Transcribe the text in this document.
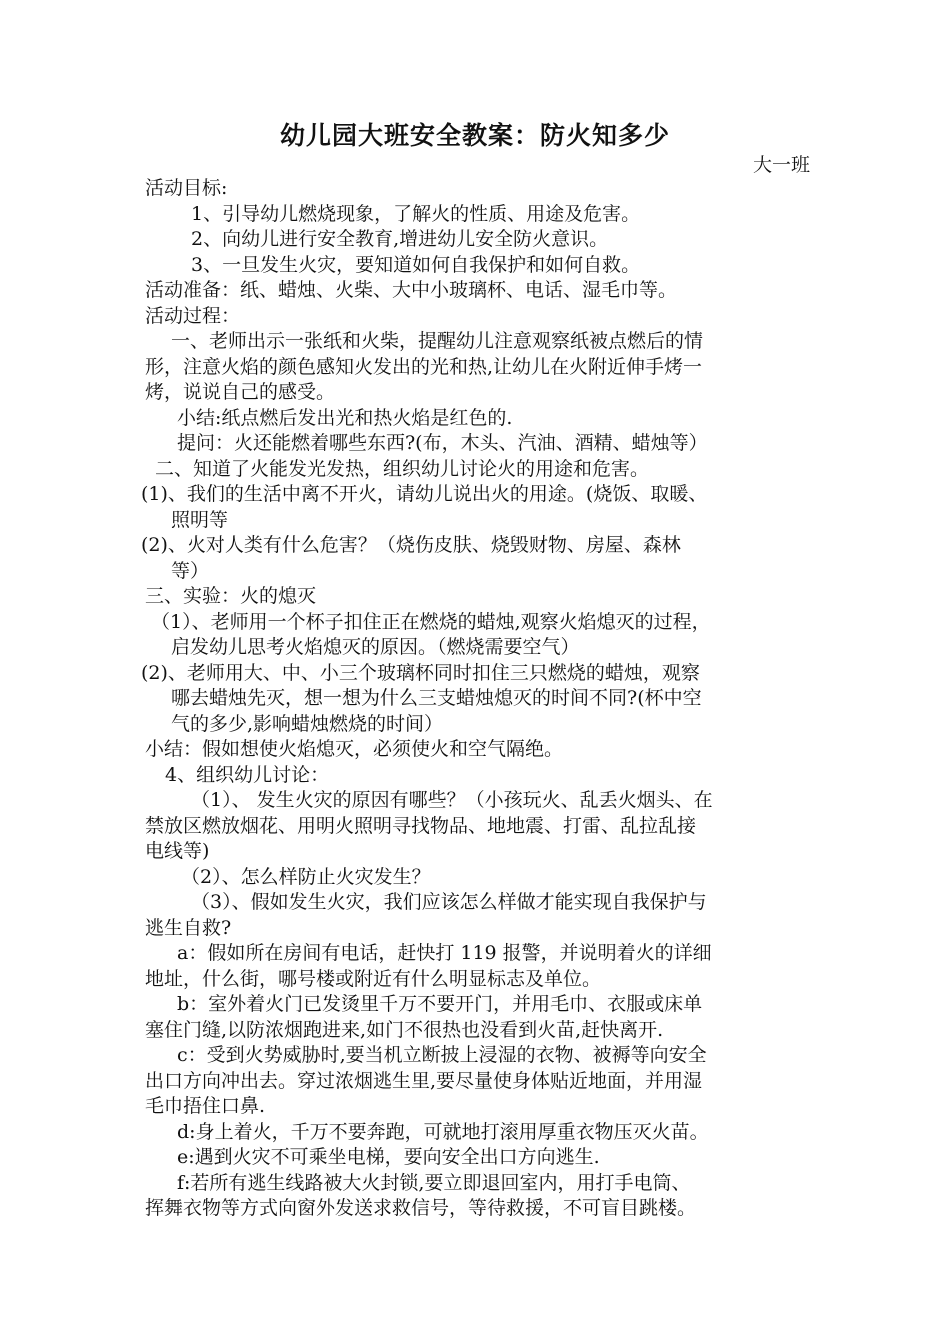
幼儿园大班安全教案：防火知多少
大一班

活动目标:

1、引导幼儿燃烧现象，了解火的性质、用途及危害。

2、向幼儿进行安全教育,增进幼儿安全防火意识。

3、一旦发生火灾，要知道如何自我保护和如何自救。

活动准备：纸、蜡烛、火柴、大中小玻璃杯、电话、湿毛巾等。

活动过程：

一、老师出示一张纸和火柴，提醒幼儿注意观察纸被点燃后的情

形，注意火焰的颜色感知火发出的光和热,让幼儿在火附近伸手烤一

烤，说说自己的感受。

小结:纸点燃后发出光和热火焰是红色的.

提问：火还能燃着哪些东西?(布，木头、汽油、酒精、蜡烛等）

二、知道了火能发光发热，组织幼儿讨论火的用途和危害。

(1)、我们的生活中离不开火，请幼儿说出火的用途。(烧饭、取暖、

照明等

(2)、火对人类有什么危害？（烧伤皮肤、烧毁财物、房屋、森林

等）

三、实验：火的熄灭

（1）、老师用一个杯子扣住正在燃烧的蜡烛,观察火焰熄灭的过程，

启发幼儿思考火焰熄灭的原因。（燃烧需要空气）

(2)、老师用大、中、小三个玻璃杯同时扣住三只燃烧的蜡烛，观察

哪去蜡烛先灭，想一想为什么三支蜡烛熄灭的时间不同?(杯中空

气的多少,影响蜡烛燃烧的时间）

小结：假如想使火焰熄灭，必须使火和空气隔绝。

4、组织幼儿讨论：

（1）、 发生火灾的原因有哪些？（小孩玩火、乱丢火烟头、在

禁放区燃放烟花、用明火照明寻找物品、地地震、打雷、乱拉乱接

电线等)

（2）、怎么样防止火灾发生？

（3）、假如发生火灾，我们应该怎么样做才能实现自我保护与

逃生自救?

a：假如所在房间有电话，赶快打 119 报警，并说明着火的详细

地址，什么街，哪号楼或附近有什么明显标志及单位。

b：室外着火门已发烫里千万不要开门，并用毛巾、衣服或床单

塞住门缝,以防浓烟跑进来,如门不很热也没看到火苗,赶快离开.

c：受到火势威胁时,要当机立断披上浸湿的衣物、被褥等向安全

出口方向冲出去。穿过浓烟逃生里,要尽量使身体贴近地面，并用湿

毛巾捂住口鼻.

d:身上着火，千万不要奔跑，可就地打滚用厚重衣物压灭火苗。

e:遇到火灾不可乘坐电梯，要向安全出口方向逃生.

f:若所有逃生线路被大火封锁,要立即退回室内，用打手电筒、

挥舞衣物等方式向窗外发送求救信号，等待救援，不可盲目跳楼。
